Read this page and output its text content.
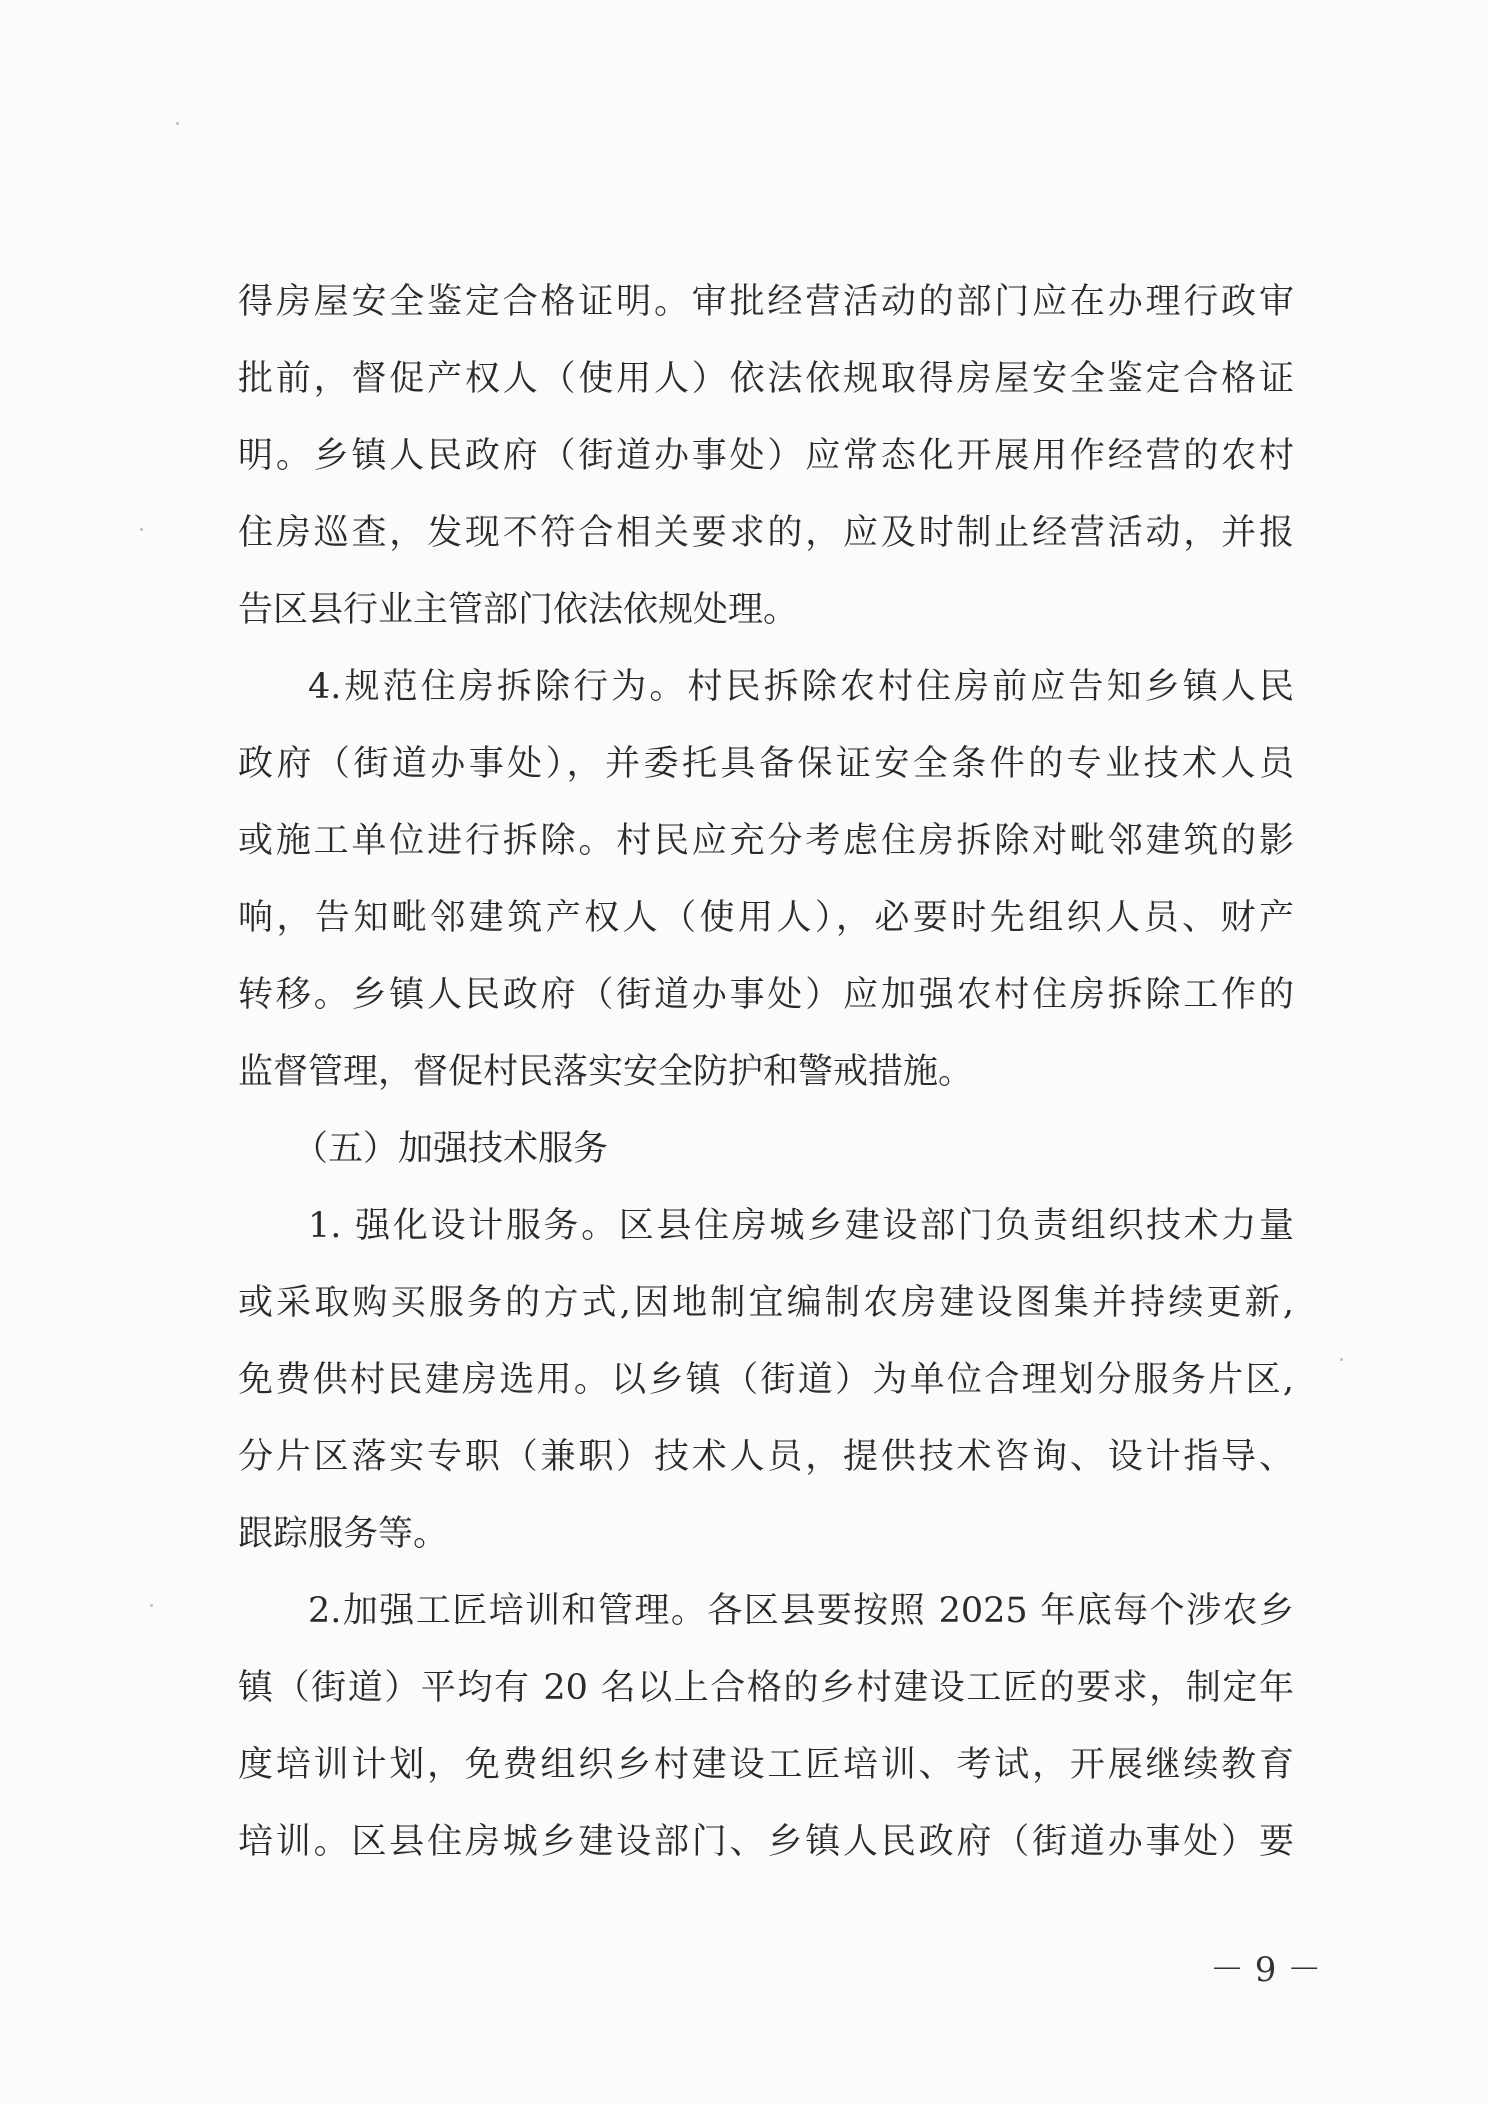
得房屋安全鉴定合格证明。审批经营活动的部门应在办理行政审
批前，督促产权人（使用人）依法依规取得房屋安全鉴定合格证
明。乡镇人民政府（街道办事处）应常态化开展用作经营的农村
住房巡查，发现不符合相关要求的，应及时制止经营活动，并报
告区县行业主管部门依法依规处理。
4.规范住房拆除行为。村民拆除农村住房前应告知乡镇人民
政府（街道办事处），并委托具备保证安全条件的专业技术人员
或施工单位进行拆除。村民应充分考虑住房拆除对毗邻建筑的影
响，告知毗邻建筑产权人（使用人），必要时先组织人员、财产
转移。乡镇人民政府（街道办事处）应加强农村住房拆除工作的
监督管理，督促村民落实安全防护和警戒措施。
（五）加强技术服务
1. 强化设计服务。区县住房城乡建设部门负责组织技术力量
或采取购买服务的方式,因地制宜编制农房建设图集并持续更新,
免费供村民建房选用。以乡镇（街道）为单位合理划分服务片区,
分片区落实专职（兼职）技术人员，提供技术咨询、设计指导、
跟踪服务等。
2.加强工匠培训和管理。各区县要按照 2025 年底每个涉农乡
镇（街道）平均有 20 名以上合格的乡村建设工匠的要求，制定年
度培训计划，免费组织乡村建设工匠培训、考试，开展继续教育
培训。区县住房城乡建设部门、乡镇人民政府（街道办事处）要
－ 9 －
